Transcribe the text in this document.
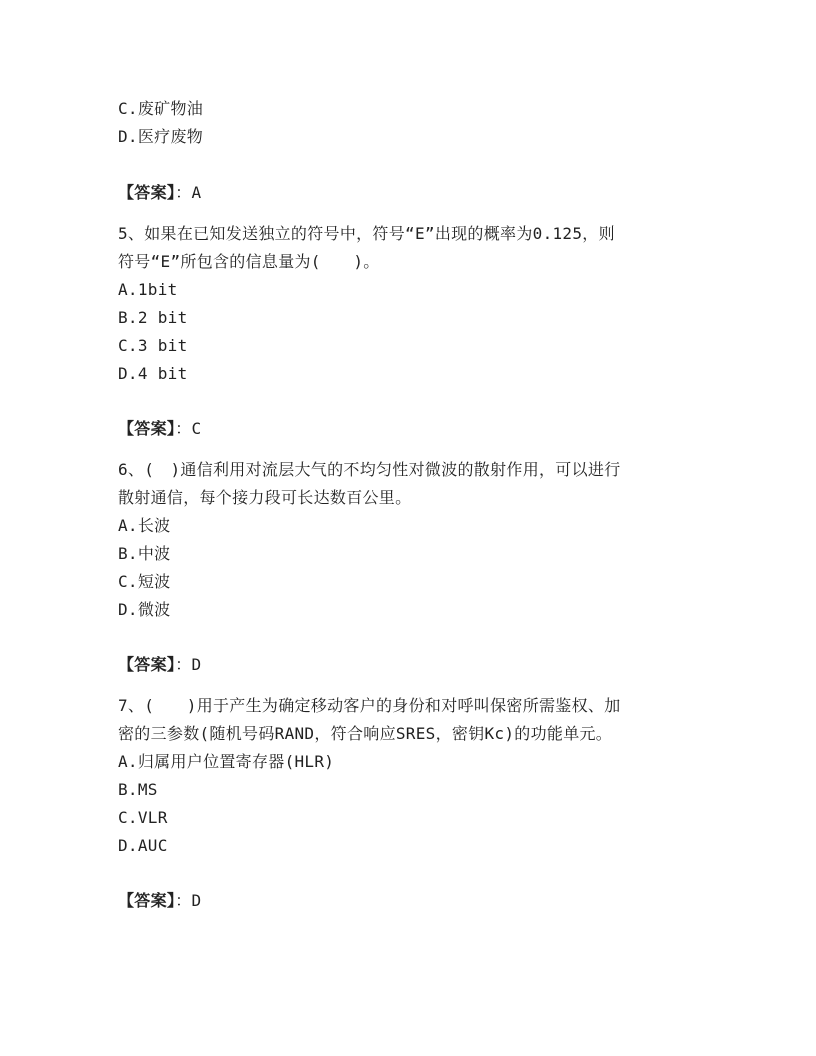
C.废矿物油
D.医疗废物
【答案】：A
5、如果在已知发送独立的符号中，符号“E”出现的概率为0.125，则
符号“E”所包含的信息量为(　　)。
A.1bit
B.2 bit
C.3 bit
D.4 bit
【答案】：C
6、(　)通信利用对流层大气的不均匀性对微波的散射作用，可以进行
散射通信，每个接力段可长达数百公里。
A.长波
B.中波
C.短波
D.微波
【答案】：D
7、(　　)用于产生为确定移动客户的身份和对呼叫保密所需鉴权、加
密的三参数(随机号码RAND，符合响应SRES，密钥Kc)的功能单元。
A.归属用户位置寄存器(HLR)
B.MS
C.VLR
D.AUC
【答案】：D
